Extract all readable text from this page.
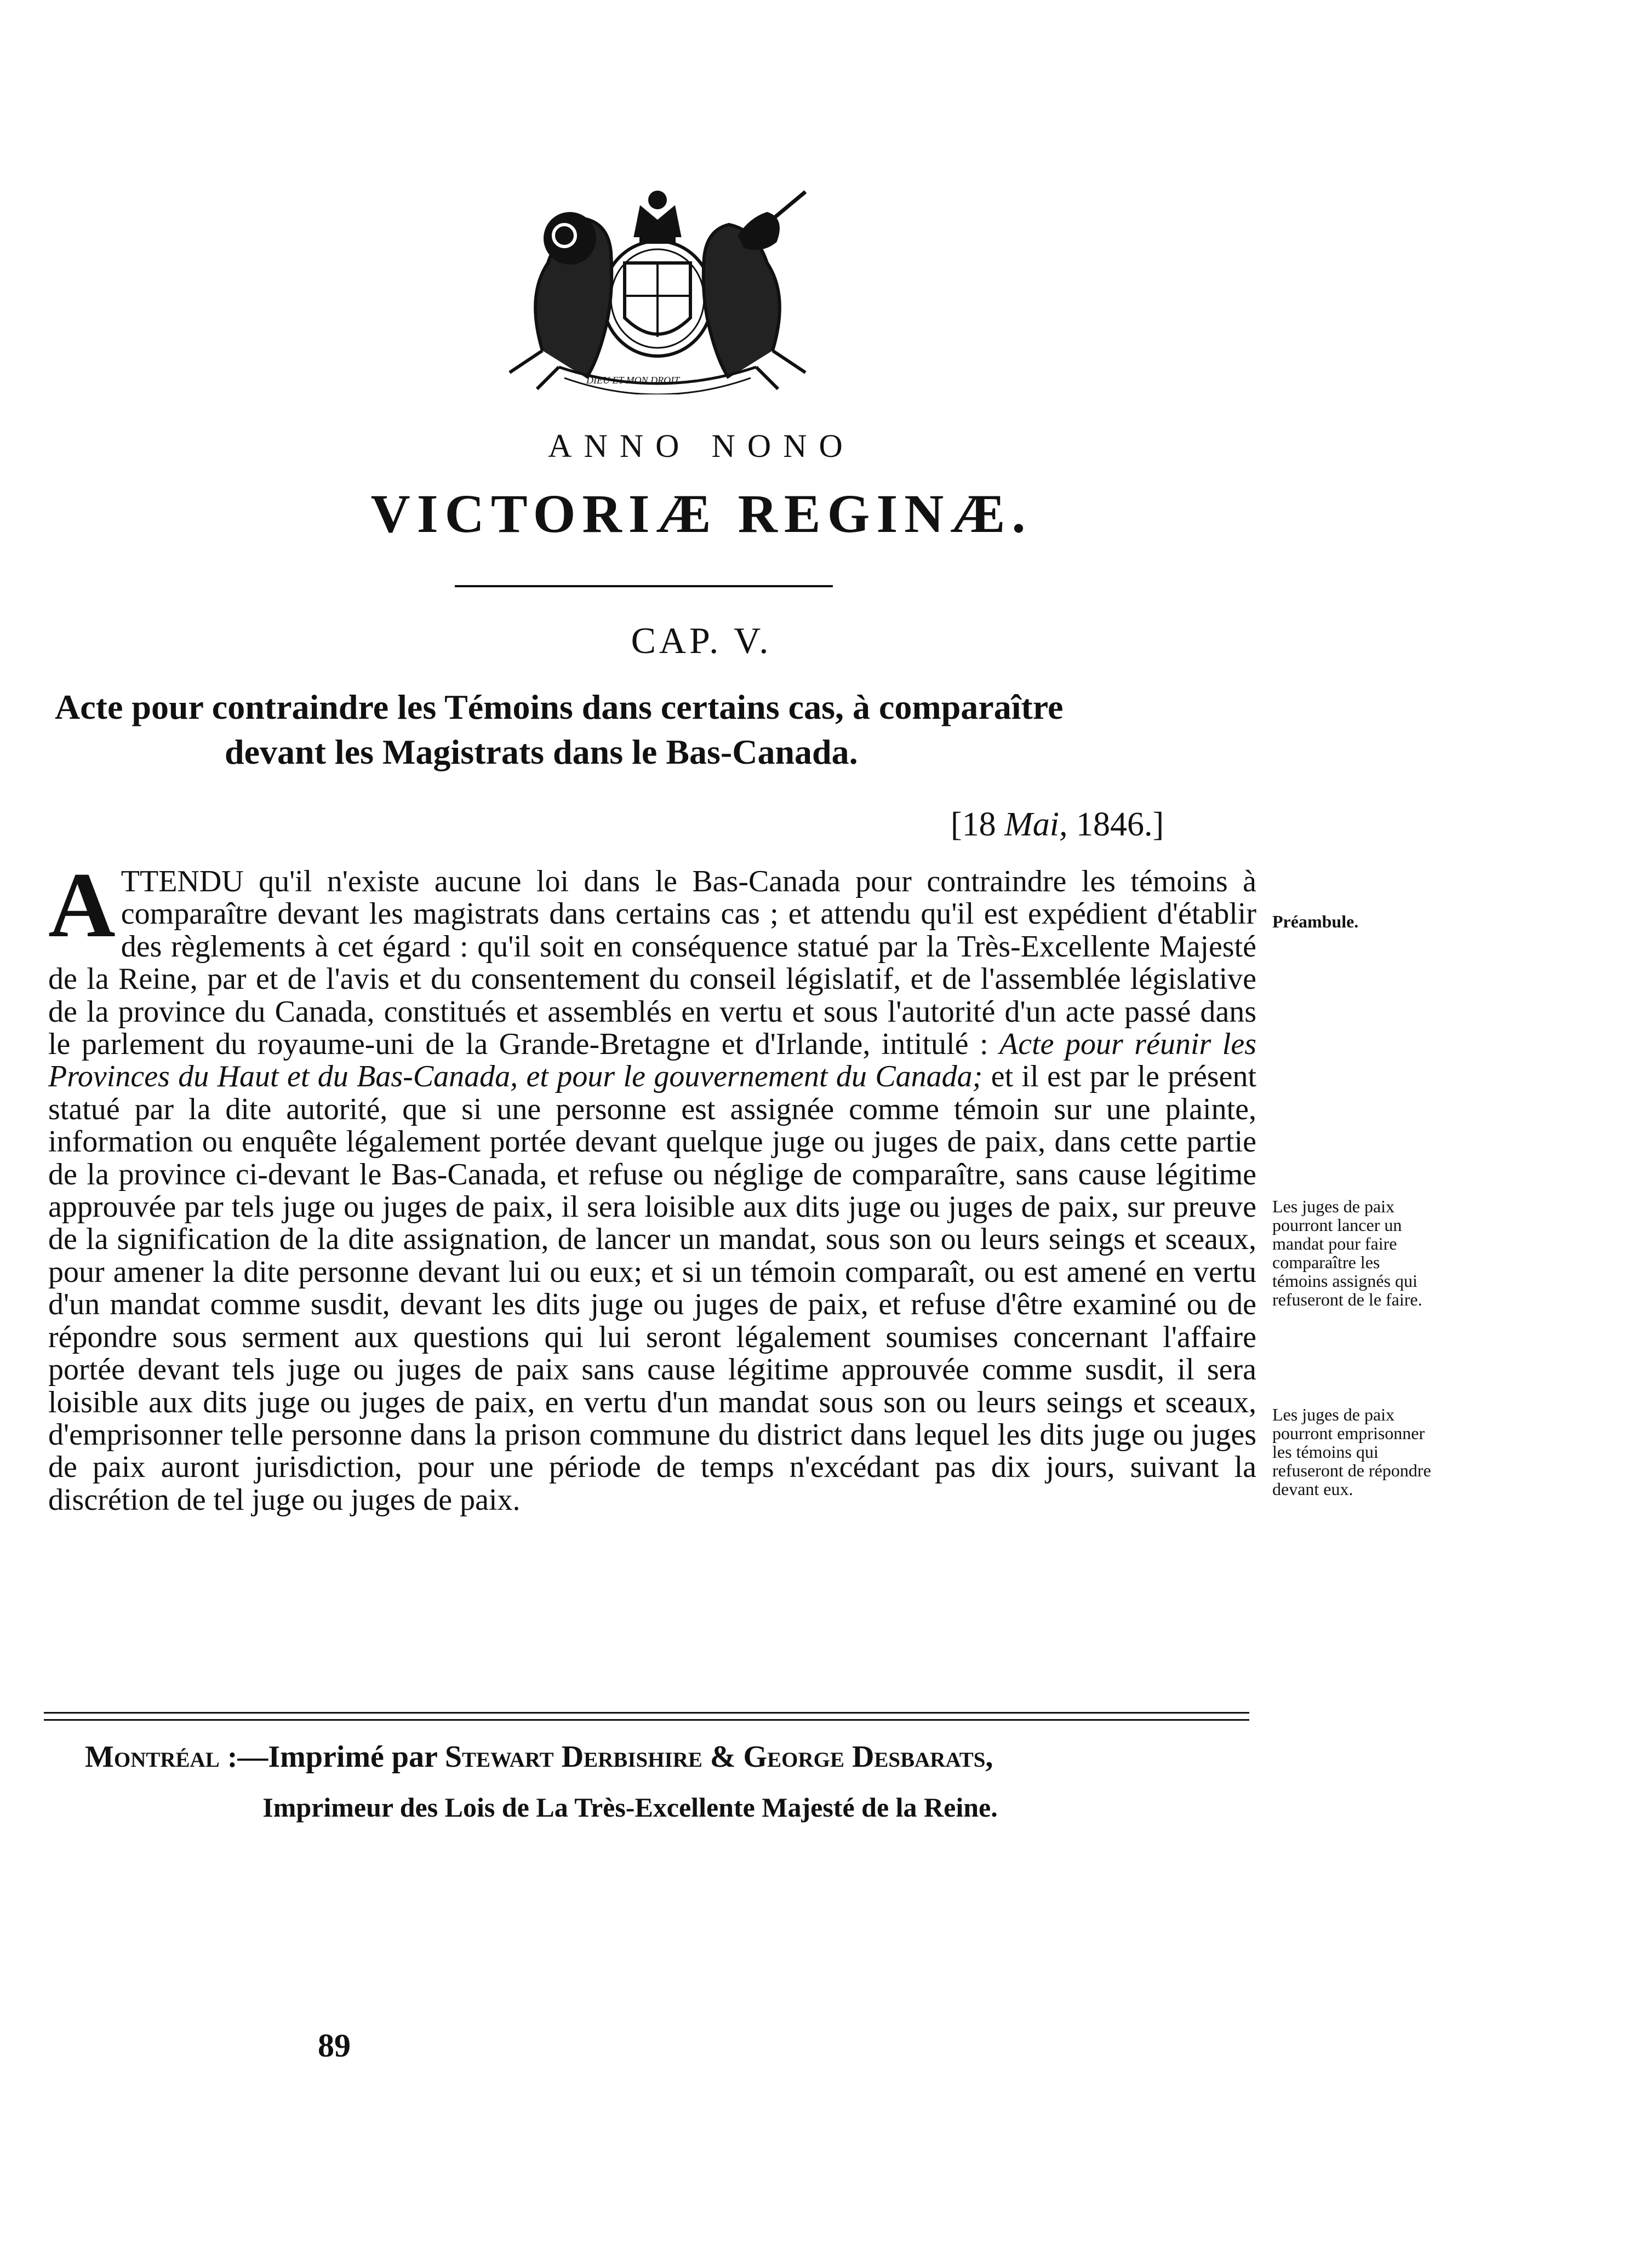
DIEU ET MON DROIT
ANNO NONO
VICTORIÆ REGINÆ.
CAP. V.
Acte pour contraindre les Témoins dans certains cas, à comparaître
devant les Magistrats dans le Bas-Canada.
[18 Mai, 1846.]
ATTENDU qu'il n'existe aucune loi dans le Bas-Canada pour contraindre les témoins à comparaître devant les magistrats dans certains cas ; et attendu qu'il est expédient d'établir des règlements à cet égard : qu'il soit en conséquence statué par la Très-Excellente Majesté de la Reine, par et de l'avis et du consentement du conseil législatif, et de l'assemblée législative de la province du Canada, constitués et assemblés en vertu et sous l'autorité d'un acte passé dans le parlement du royaume-uni de la Grande-Bretagne et d'Irlande, intitulé : Acte pour réunir les Provinces du Haut et du Bas-Canada, et pour le gouvernement du Canada; et il est par le présent statué par la dite autorité, que si une personne est assignée comme témoin sur une plainte, information ou enquête légalement portée devant quelque juge ou juges de paix, dans cette partie de la province ci-devant le Bas-Canada, et refuse ou néglige de comparaître, sans cause légitime approuvée par tels juge ou juges de paix, il sera loisible aux dits juge ou juges de paix, sur preuve de la signification de la dite assignation, de lancer un mandat, sous son ou leurs seings et sceaux, pour amener la dite personne devant lui ou eux; et si un témoin comparaît, ou est amené en vertu d'un mandat comme susdit, devant les dits juge ou juges de paix, et refuse d'être examiné ou de répondre sous serment aux questions qui lui seront légalement soumises concernant l'affaire portée devant tels juge ou juges de paix sans cause légitime approuvée comme susdit, il sera loisible aux dits juge ou juges de paix, en vertu d'un mandat sous son ou leurs seings et sceaux, d'emprisonner telle personne dans la prison commune du district dans lequel les dits juge ou juges de paix auront jurisdiction, pour une période de temps n'excédant pas dix jours, suivant la discrétion de tel juge ou juges de paix.
Préambule.
Les juges de paix pourront lancer un mandat pour faire comparaître les témoins assignés qui refuseront de le faire.
Les juges de paix pourront emprisonner les témoins qui refuseront de répondre devant eux.
Montréal :—Imprimé par Stewart Derbishire & George Desbarats,
Imprimeur des Lois de La Très-Excellente Majesté de la Reine.
89
